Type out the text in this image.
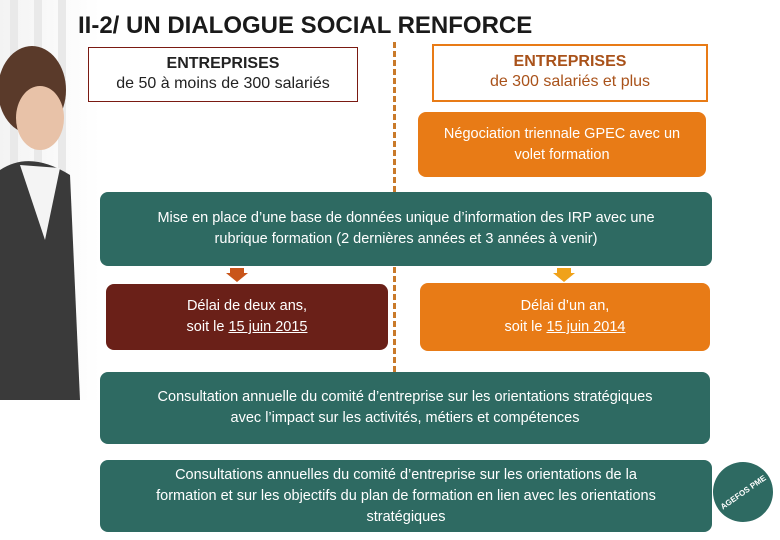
II-2/ UN DIALOGUE SOCIAL RENFORCE
ENTREPRISES
de 50 à moins de 300 salariés
ENTREPRISES
de 300 salariés et plus
Négociation triennale GPEC avec un
volet formation
Mise en place d’une base de données unique d’information des IRP avec une
rubrique formation (2 dernières années et 3 années à venir)
Délai de deux ans,
soit le 15 juin 2015
Délai d’un an,
soit le 15 juin 2014
Consultation annuelle du comité d’entreprise sur les orientations stratégiques
avec l’impact sur les activités, métiers et compétences
Consultations annuelles du comité d’entreprise sur les orientations de la
formation et sur les objectifs du plan de formation en lien avec les orientations
stratégiques
AGEFOS PME
